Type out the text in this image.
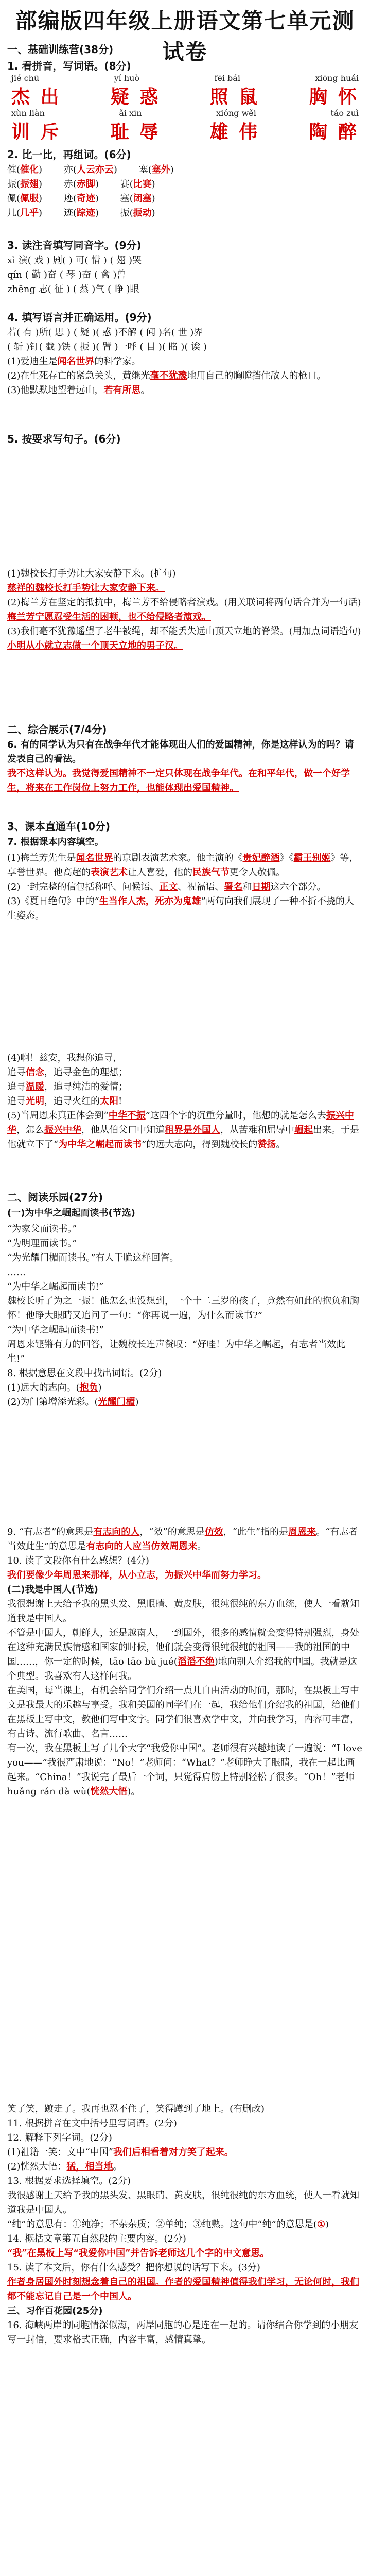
部编版四年级上册语文第七单元测试卷
一、基础训练营(38分)
1. 看拼音，写词语。(8分)
jié chū	yí huò	fēi bái	xiōng huái
杰 出	疑 惑	照 鼠	胸 怀
xùn liàn	ǎi xīn	xióng wěi	táo zuì
训 斥	耻 辱	雄 伟	陶 醉
2. 比一比，再组词。(6分)
催(催化)   亦(人云亦云)   塞(塞外)
振(振翅)   赤(赤脚)   赛(比赛)
佩(佩服)   迹(奇迹)   塞(闭塞)
几(几乎)   迹(踪迹)   振(振动)
3. 读注音填写同音字。(9分)
xì 演( 戏 ) 剧( ) 可( 惜 ) ( 翅 )哭
qín ( 勤 )奋 ( 琴 )奋 ( 禽 )兽
zhēng 志( 征 ) ( 蒸 )气 ( 睁 )眼
4. 填写语言并正确运用。(9分)
若( 有 )所( 思 ) ( 疑 )( 惑 )不解 ( 闻 )名( 世 )界
( 斩 )钉( 截 )铁 ( 振 )( 臂 )一呼 ( 目 )( 睹 )( 诶 )
(1)爱迪生是闻名世界的科学家。
(2)在生死存亡的紧急关头，黄继光毫不犹豫地用自己的胸膛挡住敌人的枪口。
(3)他默默地望着远山，若有所思。
5. 按要求写句子。(6分)
(1)魏校长打手势让大家安静下来。(扩句)
慈祥的魏校长打手势让大家安静下来。
(2)梅兰芳在坚定的抵抗中，梅兰芳不给侵略者演戏。(用关联词将两句话合并为一句话)
梅兰芳宁愿忍受生活的困顿，也不给侵略者演戏。
(3)我们毫不犹豫遥望了老牛被绳，却不能丢失远山顶天立地的脊梁。(用加点词语造句)
小明从小就立志做一个顶天立地的男子汉。
二、综合展示(7/4分)
6. 有的同学认为只有在战争年代才能体现出人们的爱国精神，你是这样认为的吗？请发表自己的看法。
我不这样认为。我觉得爱国精神不一定只体现在战争年代。在和平年代，做一个好学生，将来在工作岗位上努力工作，也能体现出爱国精神。
3、课本直通车(10分)
7. 根据课本内容填空。
(1)梅兰芳先生是闻名世界的京剧表演艺术家。他主演的《贵妃醉酒》《霸王别姬》等，享誉世界。他高超的表演艺术让人喜爱，他的民族气节更令人敬佩。
(2)一封完整的信包括称呼、问候语、正文、祝福语、署名和日期这六个部分。
(3)《夏日绝句》中的“生当作人杰，死亦为鬼雄”两句向我们展现了一种不折不挠的人生姿态。
(4)啊！兹安，我想你追寻，
追寻信念，追寻金色的理想；
追寻温暖，追寻纯洁的爱情；
追寻光明，追寻火红的太阳!
(5)当周恩来真正体会到“中华不振”这四个字的沉重分量时，他想的就是怎么去振兴中华，怎么振兴中华，他从伯父口中知道租界是外国人，从苦难和屈辱中崛起出来。于是他就立下了“为中华之崛起而读书”的远大志向，得到魏校长的赞扬。
二、阅读乐园(27分)
(一)为中华之崛起而读书(节选)
“为家父而读书。”
“为明理而读书。”
“为光耀门楣而读书。”有人干脆这样回答。
……
“为中华之崛起而读书!”
魏校长听了为之一振！他怎么也没想到，一个十二三岁的孩子，竟然有如此的抱负和胸怀！他睁大眼睛又追问了一句：“你再说一遍，为什么而读书?”
“为中华之崛起而读书!”
周恩来铿锵有力的回答，让魏校长连声赞叹：“好哇！为中华之崛起，有志者当效此生!”
8. 根据意思在文段中找出词语。(2分)
(1)远大的志向。(抱负)
(2)为门第增添光彩。(光耀门楣)
9. “有志者”的意思是有志向的人，“效”的意思是仿效，“此生”指的是周恩来。“有志者当效此生”的意思是有志向的人应当仿效周恩来。
10. 读了文段你有什么感想？(4分)
我们要像少年周恩来那样，从小立志，为振兴中华而努力学习。
(二)我是中国人(节选)
我很想谢上天给予我的黑头发、黑眼睛、黄皮肤，很纯很纯的东方血统，使人一看就知道我是中国人。
不管是中国人，朝鲜人，还是越南人，一到国外，很多的感情就会变得特别强烈，身处在这种充满民族情感和国家的时候，他们就会变得很纯很纯的祖国——我的祖国的中国……，你一定的时候，tāo tāo bù jué(滔滔不绝)地向别人介绍我的中国。我就是这个典型。我喜欢有人这样问我。
在美国，每当课上，有机会给同学们介绍一点儿自由活动的时间，那时，在黑板上写中文是我最大的乐趣与享受。我和美国的同学们在一起，我给他们介绍我的祖国，给他们在黑板上写中文，教他们写中文字。同学们很喜欢学中文，并向我学习，内容可丰富，有古诗、流行歌曲、名言……
有一次，我在黑板上写了几个大字“我爱你中国”。老师很有兴趣地读了一遍说：“I love you——”我很严肃地说：“No！”老师问：“What？”老师睁大了眼睛，我在一起比画起来。“China！”我说完了最后一个词，只觉得肩膀上特别轻松了很多。“Oh！”老师huǎng rán dà wù(恍然大悟)。
笑了笑，踱走了。我再也忍不住了，笑得蹲到了地上。(有删改)
11. 根据拼音在文中括号里写词语。(2分)
12. 解释下列字词。(2分)
(1)祖籍一笑：文中“中国”我们后相看着对方笑了起来。
(2)恍然大悟：猛，相当地。
13. 根据要求选择填空。(2分)
我很感谢上天给予我的黑头发、黑眼睛、黄皮肤，很纯很纯的东方血统，使人一看就知道我是中国人。
“纯”的意思有：①纯净；不杂杂质；②单纯；③纯熟。这句中“纯”的意思是(①)
14. 概括文章第五自然段的主要内容。(2分)
“我”在黑板上写“我爱你中国”并告诉老师这几个字的中文意思。
15. 读了本文后，你有什么感受？把你想说的话写下来。(3分)
作者身居国外时刻想念着自己的祖国。作者的爱国精神值得我们学习，无论何时，我们都不能忘记自己是一个中国人。
三、习作百花园(25分)
16. 海峡两岸的同胞情深似海，两岸同胞的心是连在一起的。请你结合你学到的小朋友写一封信，要求格式正确，内容丰富，感情真挚。
